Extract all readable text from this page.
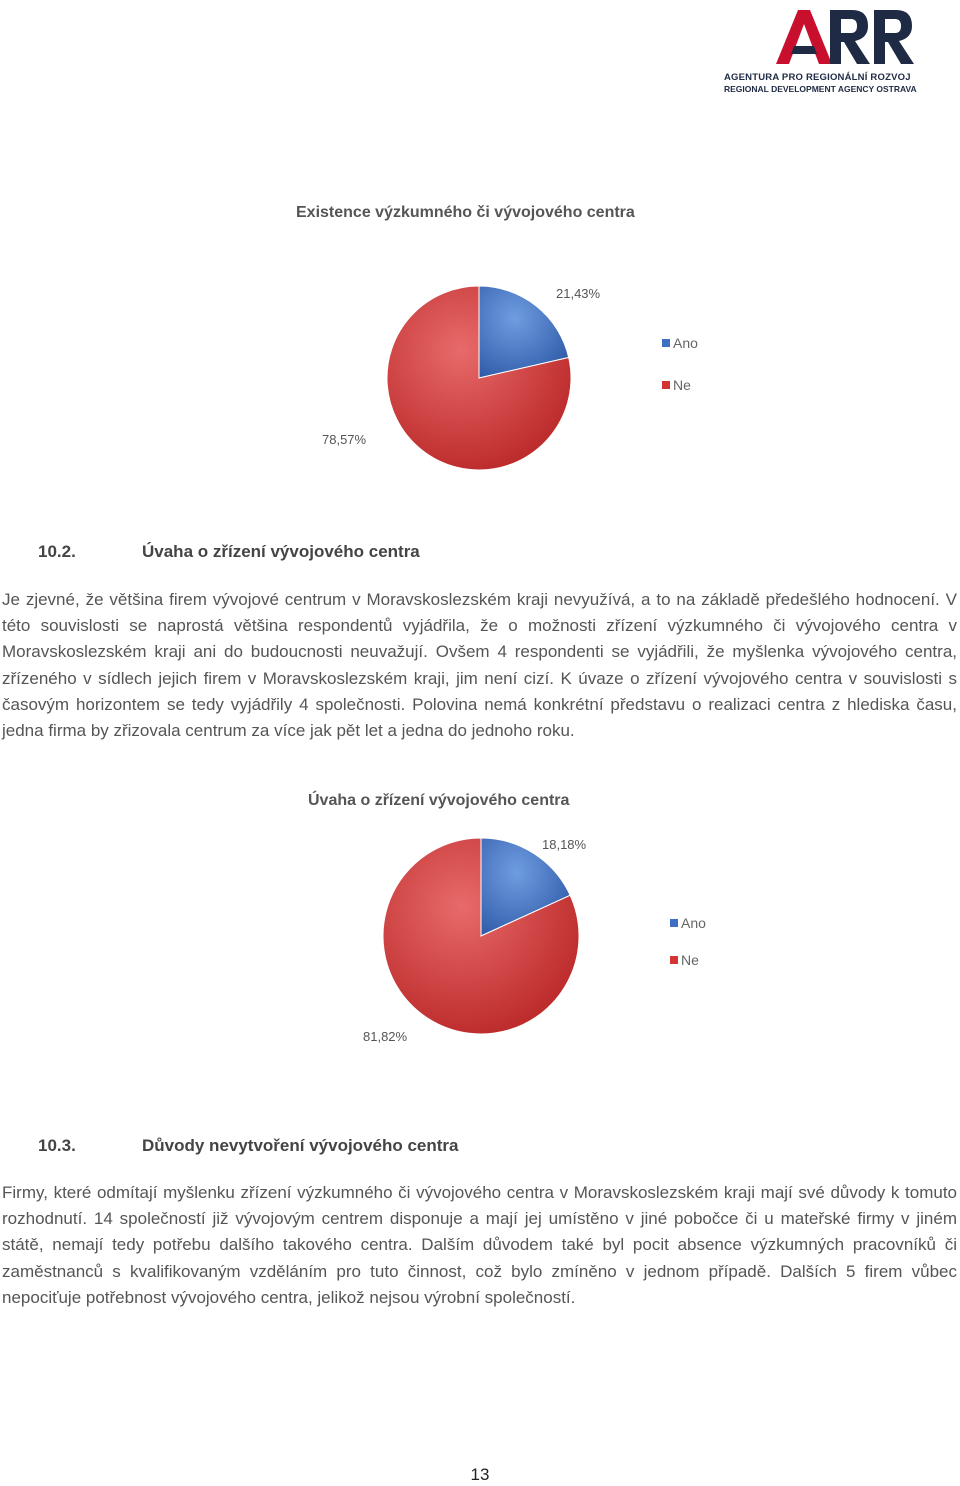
AGENTURA PRO REGIONÁLNÍ ROZVOJ
REGIONAL DEVELOPMENT AGENCY OSTRAVA
Existence výzkumného či vývojového centra
21,43%
78,57%
Ano
Ne
10.2.	Úvaha o zřízení vývojového centra
Je zjevné, že většina firem vývojové centrum v Moravskoslezském kraji nevyužívá, a to na základě předešlého hodnocení. V této souvislosti se naprostá většina respondentů vyjádřila, že o možnosti zřízení výzkumného či vývojového centra v Moravskoslezském kraji ani do budoucnosti neuvažují. Ovšem 4 respondenti se vyjádřili, že myšlenka vývojového centra, zřízeného v sídlech jejich firem v Moravskoslezském kraji, jim není cizí. K úvaze o zřízení vývojového centra v souvislosti s časovým horizontem se tedy vyjádřily 4 společnosti. Polovina nemá konkrétní představu o realizaci centra z hlediska času, jedna firma by zřizovala centrum za více jak pět let a jedna do jednoho roku.
Úvaha o zřízení vývojového centra
18,18%
81,82%
Ano
Ne
10.3.	Důvody nevytvoření vývojového centra
Firmy, které odmítají myšlenku zřízení výzkumného či vývojového centra v Moravskoslezském kraji mají své důvody k tomuto rozhodnutí. 14 společností již vývojovým centrem disponuje a mají jej umístěno v jiné pobočce či u mateřské firmy v jiném státě, nemají tedy potřebu dalšího takového centra. Dalším důvodem také byl pocit absence výzkumných pracovníků či zaměstnanců s kvalifikovaným vzděláním pro tuto činnost, což bylo zmíněno v jednom případě. Dalších 5 firem vůbec nepociťuje potřebnost vývojového centra, jelikož nejsou výrobní společností.
13
